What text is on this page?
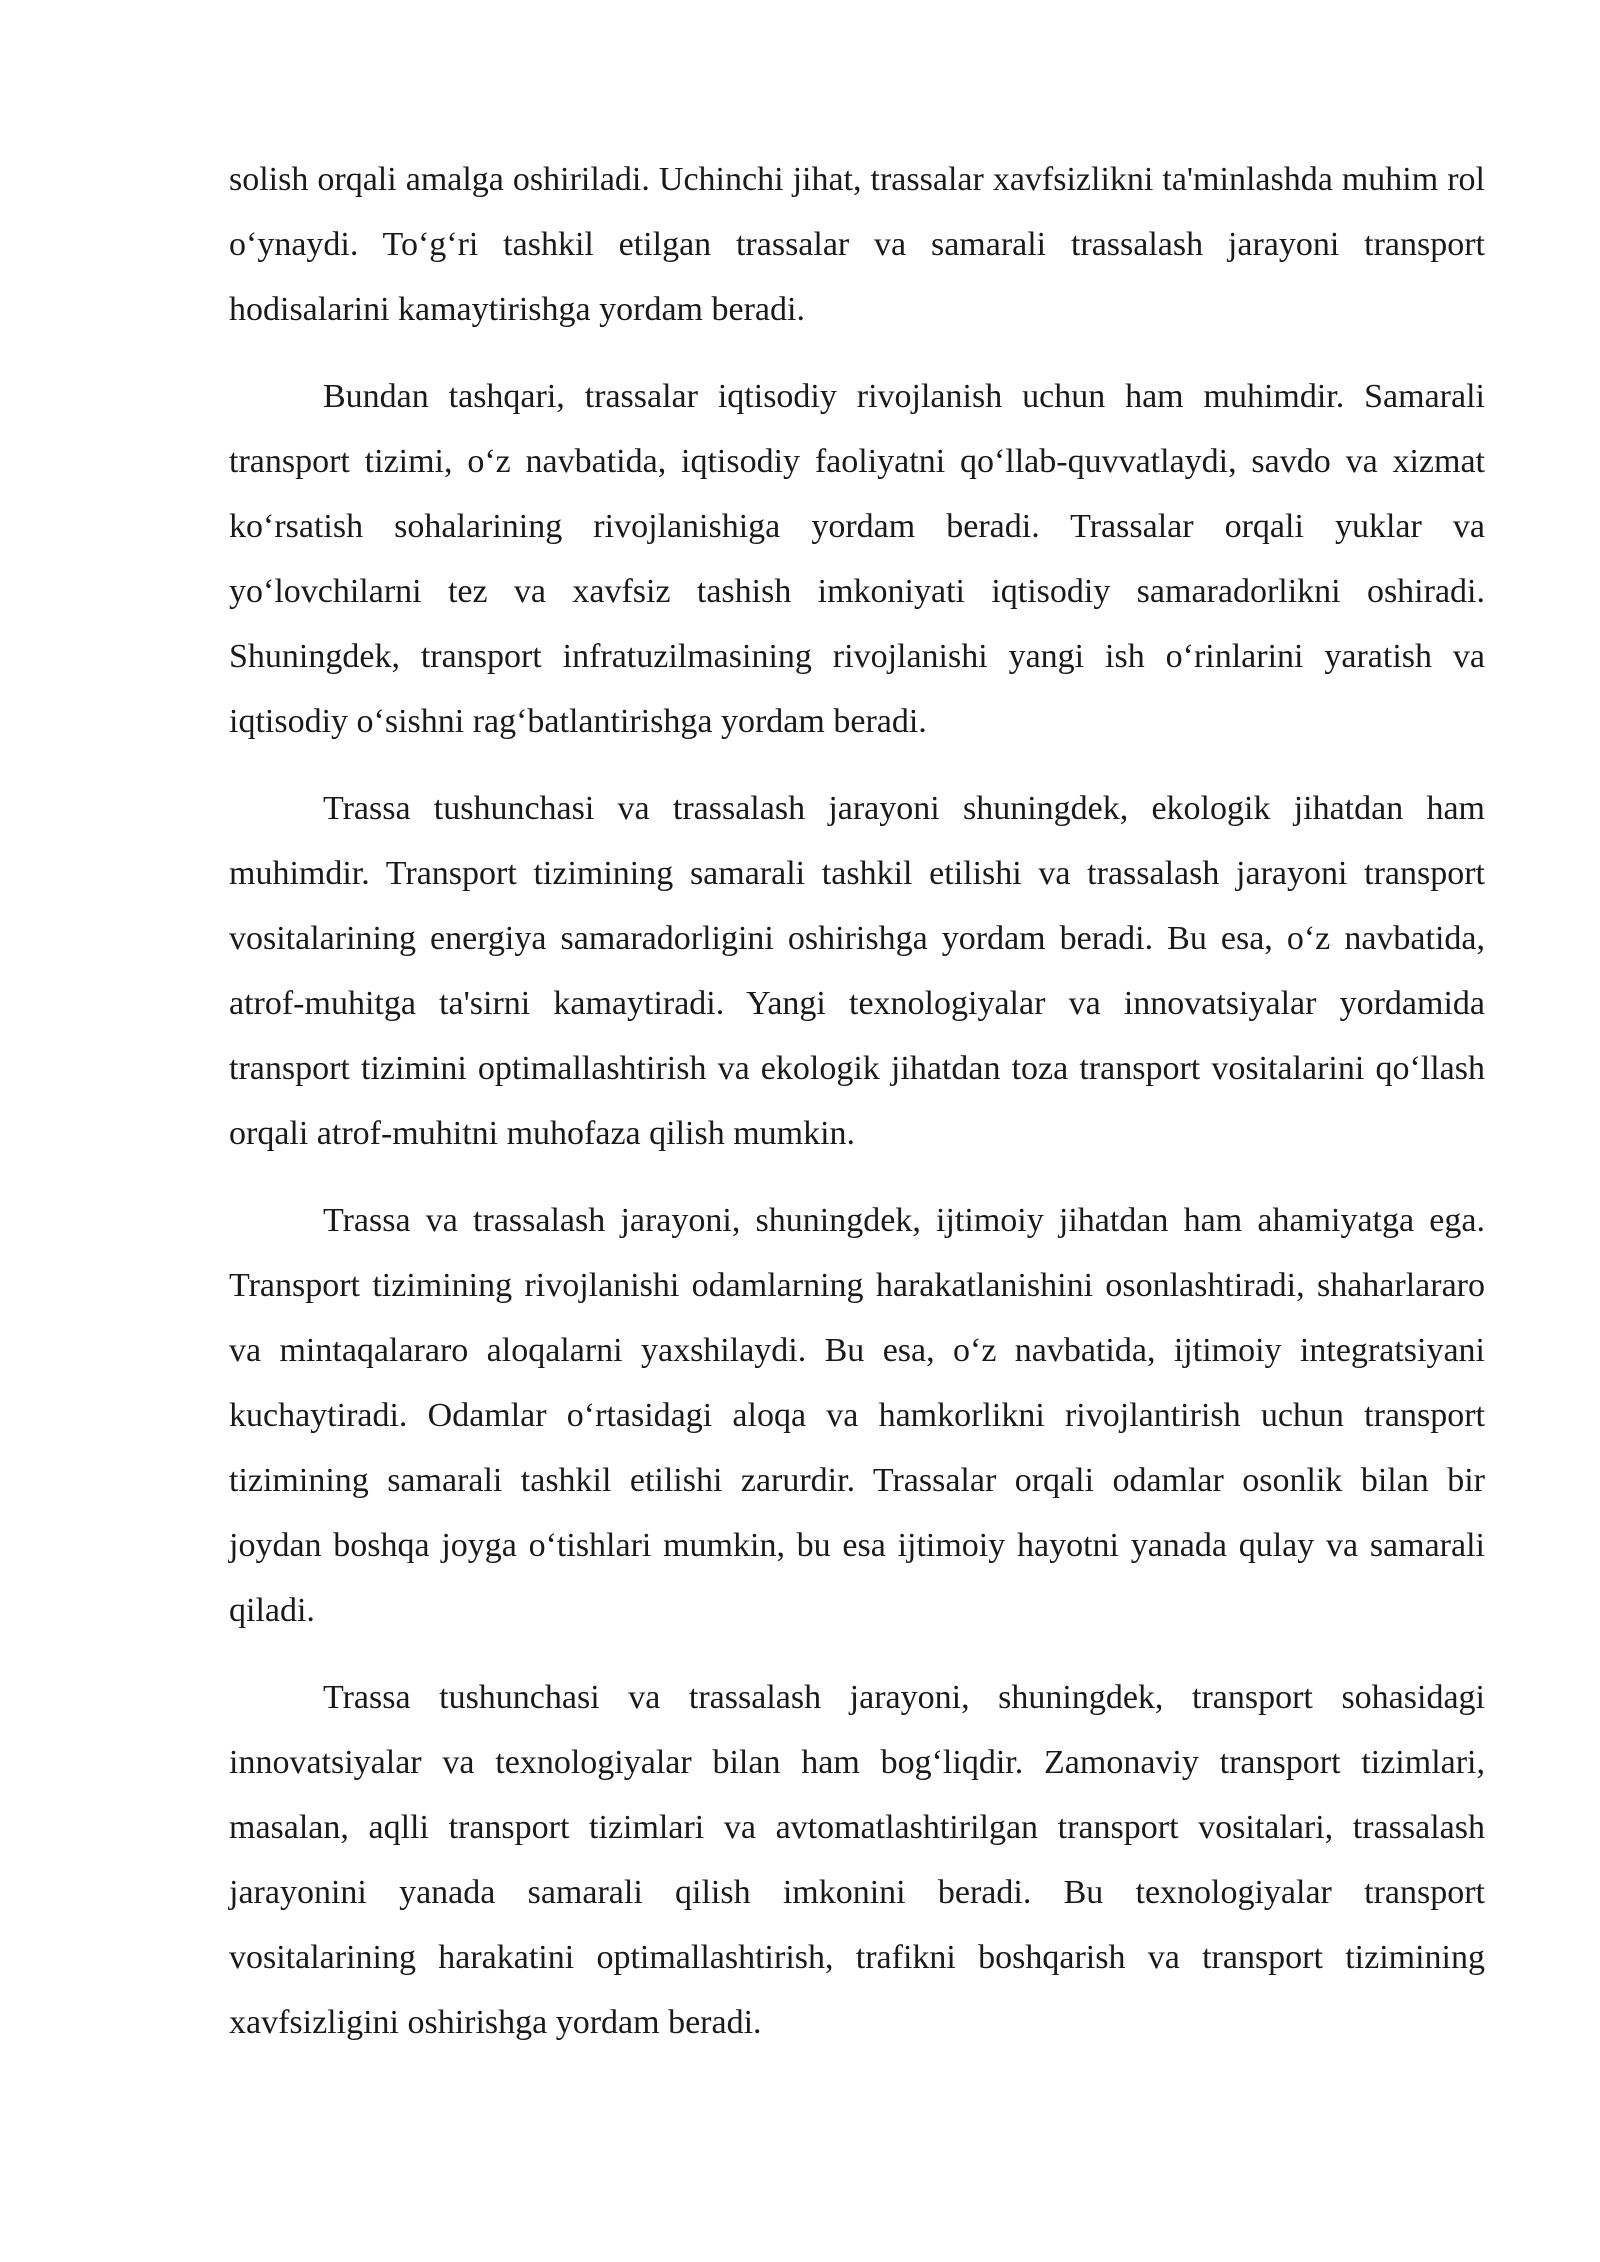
solish orqali amalga oshiriladi. Uchinchi jihat, trassalar xavfsizlikni ta'minlashda muhim rol o‘ynaydi. To‘g‘ri tashkil etilgan trassalar va samarali trassalash jarayoni transport hodisalarini kamaytirishga yordam beradi.

Bundan tashqari, trassalar iqtisodiy rivojlanish uchun ham muhimdir. Samarali transport tizimi, o‘z navbatida, iqtisodiy faoliyatni qo‘llab-quvvatlaydi, savdo va xizmat ko‘rsatish sohalarining rivojlanishiga yordam beradi. Trassalar orqali yuklar va yo‘lovchilarni tez va xavfsiz tashish imkoniyati iqtisodiy samaradorlikni oshiradi. Shuningdek, transport infratuzilmasining rivojlanishi yangi ish o‘rinlarini yaratish va iqtisodiy o‘sishni rag‘batlantirishga yordam beradi.

Trassa tushunchasi va trassalash jarayoni shuningdek, ekologik jihatdan ham muhimdir. Transport tizimining samarali tashkil etilishi va trassalash jarayoni transport vositalarining energiya samaradorligini oshirishga yordam beradi. Bu esa, o‘z navbatida, atrof-muhitga ta'sirni kamaytiradi. Yangi texnologiyalar va innovatsiyalar yordamida transport tizimini optimallashtirish va ekologik jihatdan toza transport vositalarini qo‘llash orqali atrof-muhitni muhofaza qilish mumkin.

Trassa va trassalash jarayoni, shuningdek, ijtimoiy jihatdan ham ahamiyatga ega. Transport tizimining rivojlanishi odamlarning harakatlanishini osonlashtiradi, shaharlararo va mintaqalararo aloqalarni yaxshilaydi. Bu esa, o‘z navbatida, ijtimoiy integratsiyani kuchaytiradi. Odamlar o‘rtasidagi aloqa va hamkorlikni rivojlantirish uchun transport tizimining samarali tashkil etilishi zarurdir. Trassalar orqali odamlar osonlik bilan bir joydan boshqa joyga o‘tishlari mumkin, bu esa ijtimoiy hayotni yanada qulay va samarali qiladi.

Trassa tushunchasi va trassalash jarayoni, shuningdek, transport sohasidagi innovatsiyalar va texnologiyalar bilan ham bog‘liqdir. Zamonaviy transport tizimlari, masalan, aqlli transport tizimlari va avtomatlashtirilgan transport vositalari, trassalash jarayonini yanada samarali qilish imkonini beradi. Bu texnologiyalar transport vositalarining harakatini optimallashtirish, trafikni boshqarish va transport tizimining xavfsizligini oshirishga yordam beradi.
